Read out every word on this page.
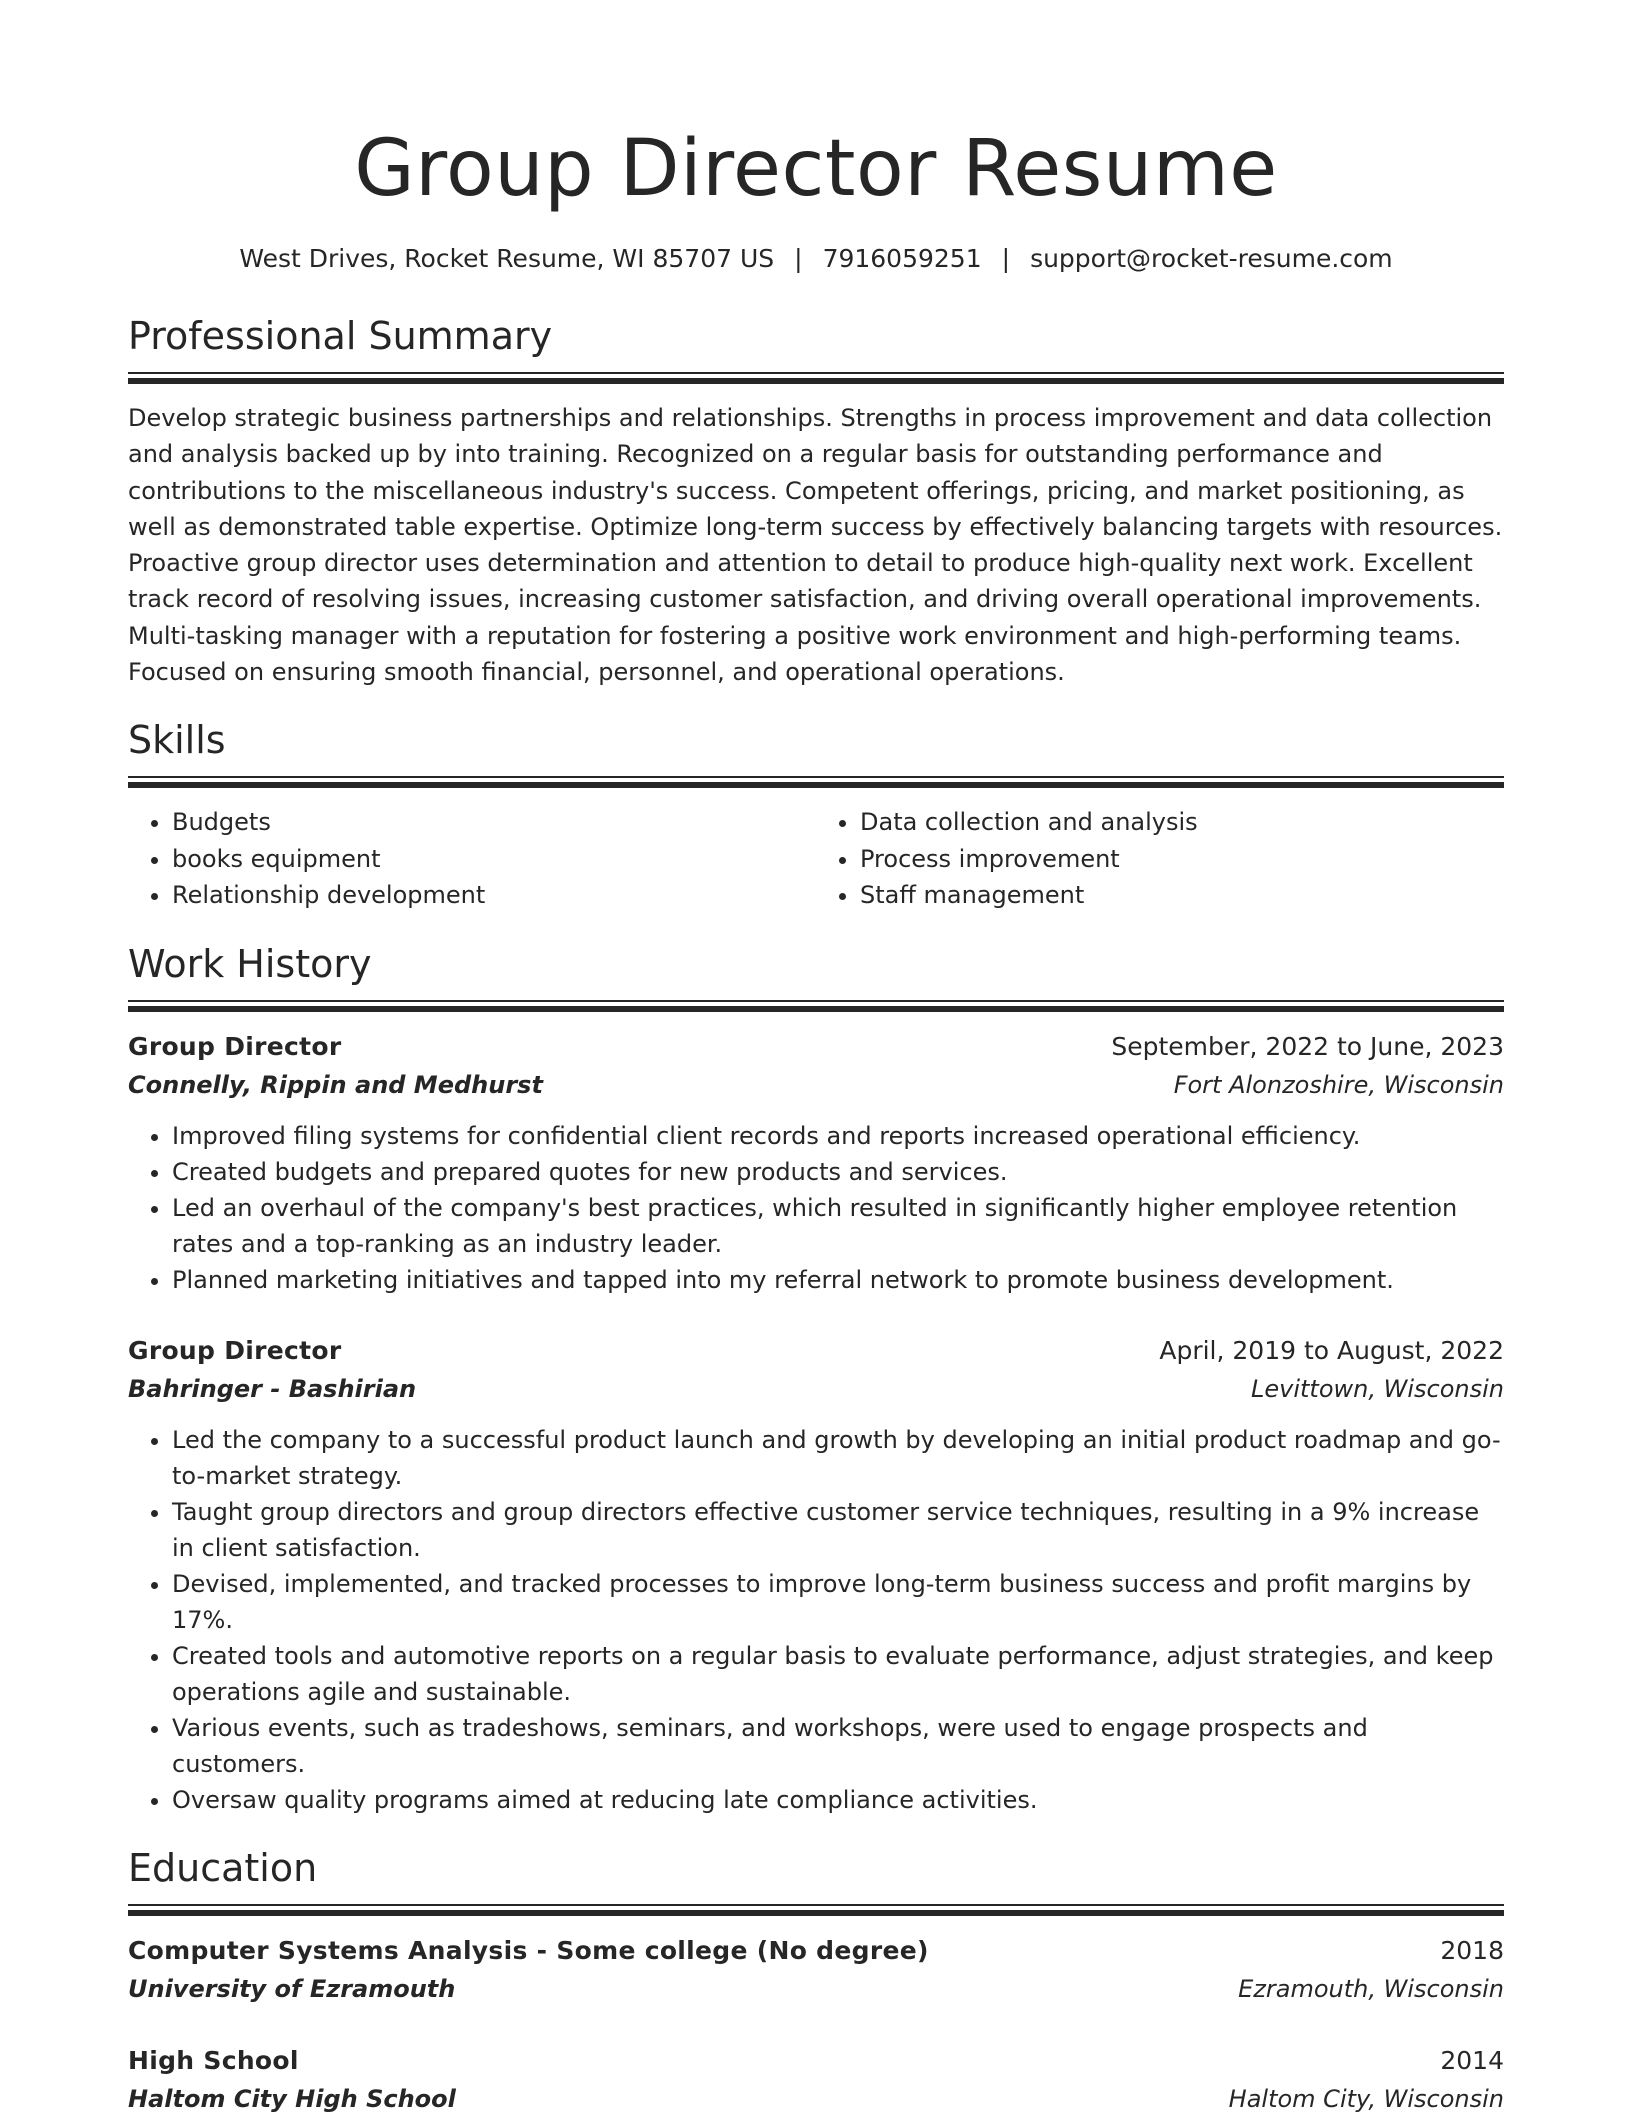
Group Director Resume
West Drives, Rocket Resume, WI 85707 US | 7916059251 | support@rocket-resume.com
Professional Summary

Develop strategic business partnerships and relationships. Strengths in process improvement and data collection and analysis backed up by into training. Recognized on a regular basis for outstanding performance and contributions to the miscellaneous industry's success. Competent offerings, pricing, and market positioning, as well as demonstrated table expertise. Optimize long-term success by effectively balancing targets with resources. Proactive group director uses determination and attention to detail to produce high-quality next work. Excellent track record of resolving issues, increasing customer satisfaction, and driving overall operational improvements. Multi-tasking manager with a reputation for fostering a positive work environment and high-performing teams. Focused on ensuring smooth financial, personnel, and operational operations.

Skills
• Budgets
• books equipment
• Relationship development
• Data collection and analysis
• Process improvement
• Staff management
Work History
Group Director	September, 2022 to June, 2023
Connelly, Rippin and Medhurst	Fort Alonzoshire, Wisconsin
• Improved filing systems for confidential client records and reports increased operational efficiency.
• Created budgets and prepared quotes for new products and services.
• Led an overhaul of the company's best practices, which resulted in significantly higher employee retention rates and a top-ranking as an industry leader.
• Planned marketing initiatives and tapped into my referral network to promote business development.
Group Director	April, 2019 to August, 2022
Bahringer - Bashirian	Levittown, Wisconsin
• Led the company to a successful product launch and growth by developing an initial product roadmap and go-to-market strategy.
• Taught group directors and group directors effective customer service techniques, resulting in a 9% increase in client satisfaction.
• Devised, implemented, and tracked processes to improve long-term business success and profit margins by 17%.
• Created tools and automotive reports on a regular basis to evaluate performance, adjust strategies, and keep operations agile and sustainable.
• Various events, such as tradeshows, seminars, and workshops, were used to engage prospects and customers.
• Oversaw quality programs aimed at reducing late compliance activities.
Education
Computer Systems Analysis - Some college (No degree)	2018
University of Ezramouth	Ezramouth, Wisconsin
High School	2014
Haltom City High School	Haltom City, Wisconsin
